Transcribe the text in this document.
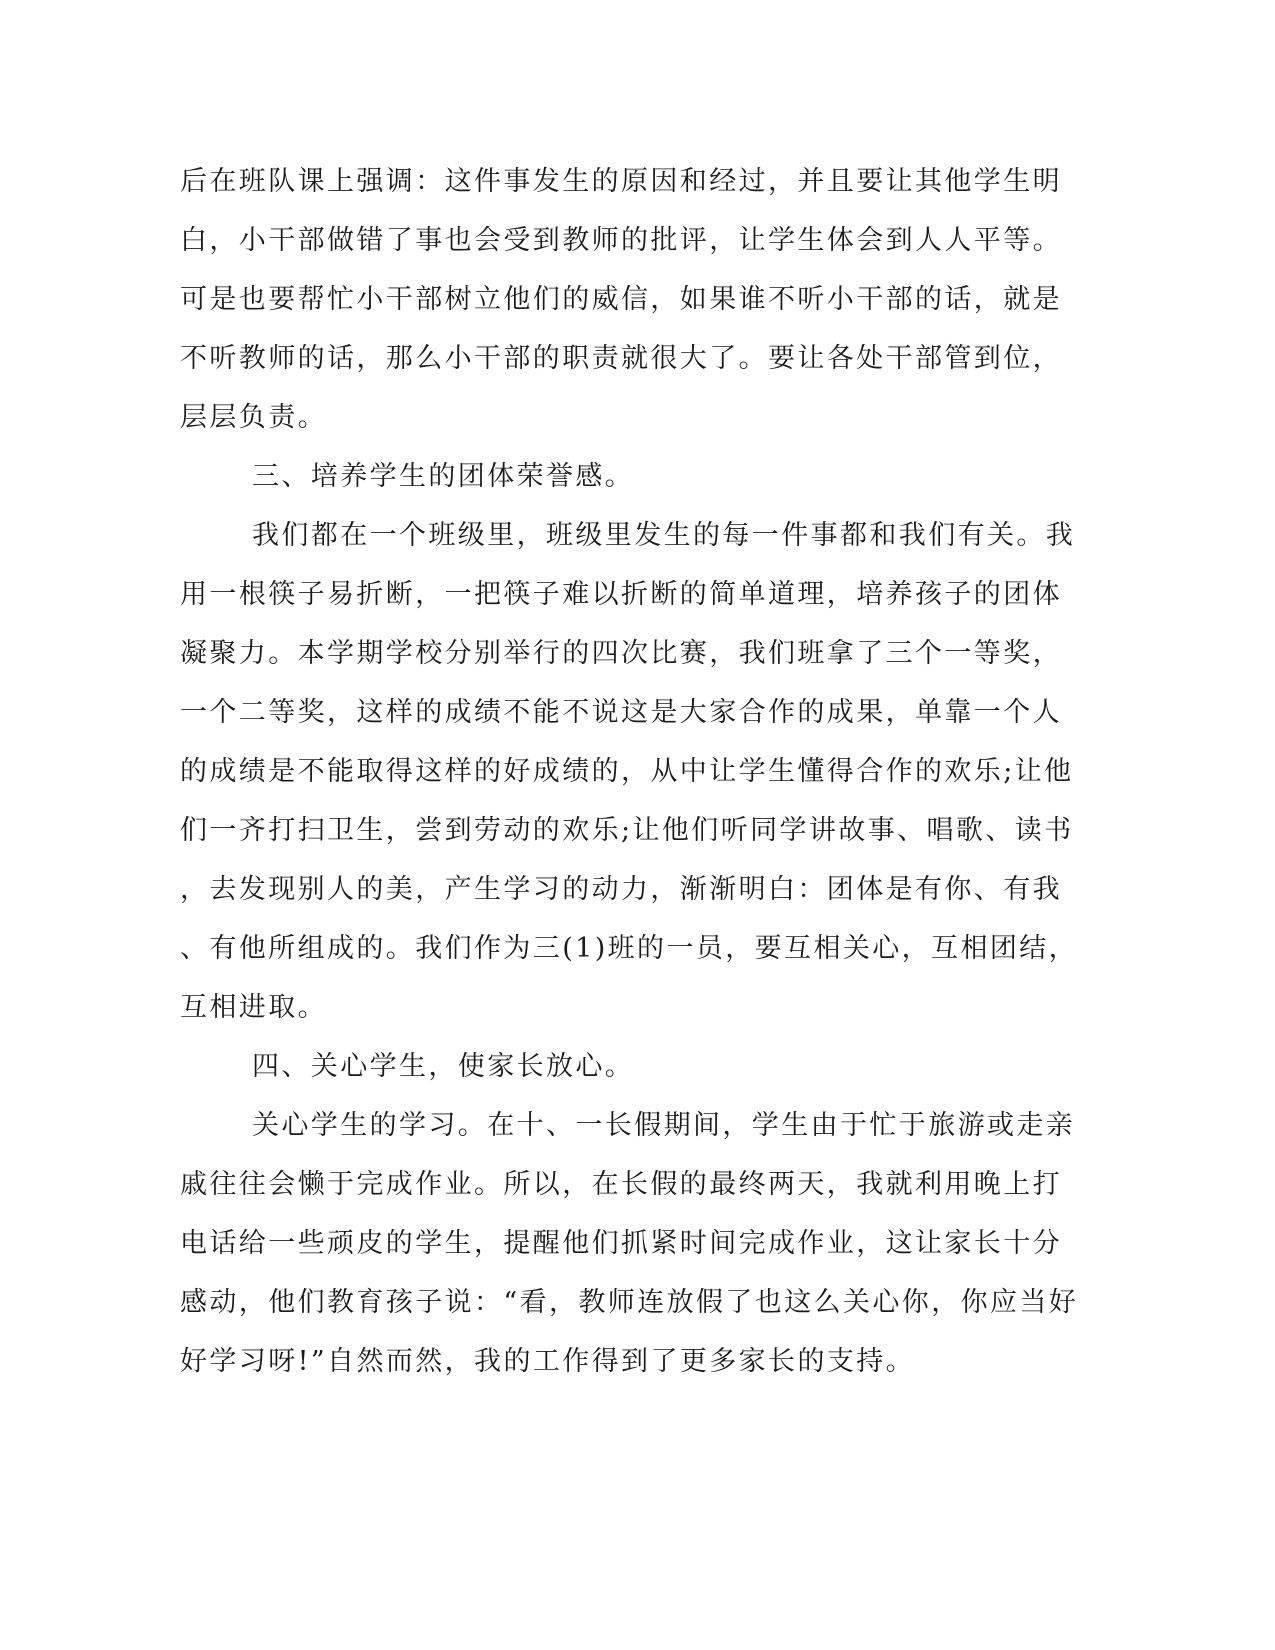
后在班队课上强调：这件事发生的原因和经过，并且要让其他学生明
白，小干部做错了事也会受到教师的批评，让学生体会到人人平等。
可是也要帮忙小干部树立他们的威信，如果谁不听小干部的话，就是
不听教师的话，那么小干部的职责就很大了。要让各处干部管到位，
层层负责。
三、培养学生的团体荣誉感。
我们都在一个班级里，班级里发生的每一件事都和我们有关。我
用一根筷子易折断，一把筷子难以折断的简单道理，培养孩子的团体
凝聚力。本学期学校分别举行的四次比赛，我们班拿了三个一等奖，
一个二等奖，这样的成绩不能不说这是大家合作的成果，单靠一个人
的成绩是不能取得这样的好成绩的，从中让学生懂得合作的欢乐;让他
们一齐打扫卫生，尝到劳动的欢乐;让他们听同学讲故事、唱歌、读书
，去发现别人的美，产生学习的动力，渐渐明白：团体是有你、有我
、有他所组成的。我们作为三(1)班的一员，要互相关心，互相团结，
互相进取。
四、关心学生，使家长放心。
关心学生的学习。在十、一长假期间，学生由于忙于旅游或走亲
戚往往会懒于完成作业。所以，在长假的最终两天，我就利用晚上打
电话给一些顽皮的学生，提醒他们抓紧时间完成作业，这让家长十分
感动，他们教育孩子说：“看，教师连放假了也这么关心你，你应当好
好学习呀!”自然而然，我的工作得到了更多家长的支持。
